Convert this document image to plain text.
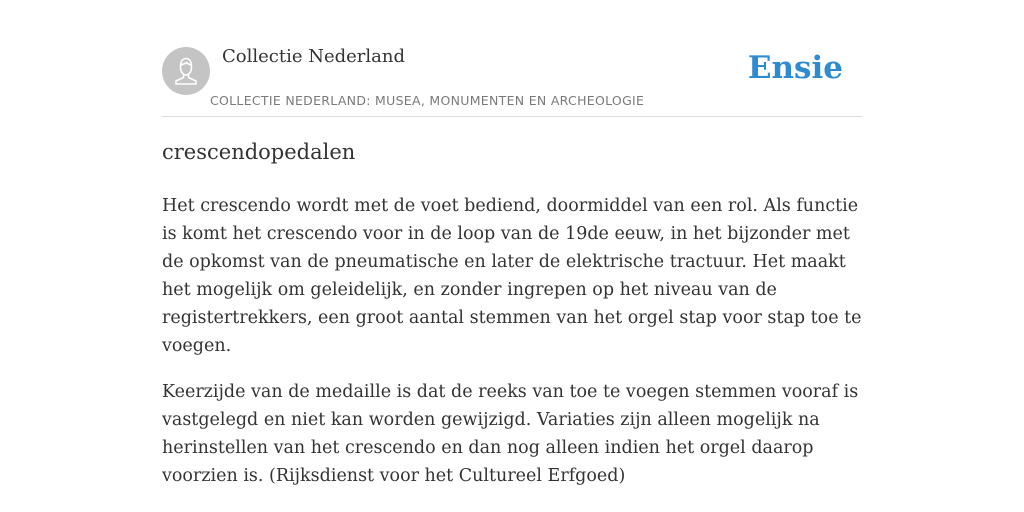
Collectie Nederland
COLLECTIE NEDERLAND: MUSEA, MONUMENTEN EN ARCHEOLOGIE
Ensie
crescendopedalen

Het crescendo wordt met de voet bediend, doormiddel van een rol. Als functie is komt het crescendo voor in de loop van de 19de eeuw, in het bijzonder met de opkomst van de pneumatische en later de elektrische tractuur. Het maakt het mogelijk om geleidelijk, en zonder ingrepen op het niveau van de registertrekkers, een groot aantal stemmen van het orgel stap voor stap toe te voegen.

Keerzijde van de medaille is dat de reeks van toe te voegen stemmen vooraf is vastgelegd en niet kan worden gewijzigd. Variaties zijn alleen mogelijk na herinstellen van het crescendo en dan nog alleen indien het orgel daarop voorzien is. (Rijksdienst voor het Cultureel Erfgoed)
